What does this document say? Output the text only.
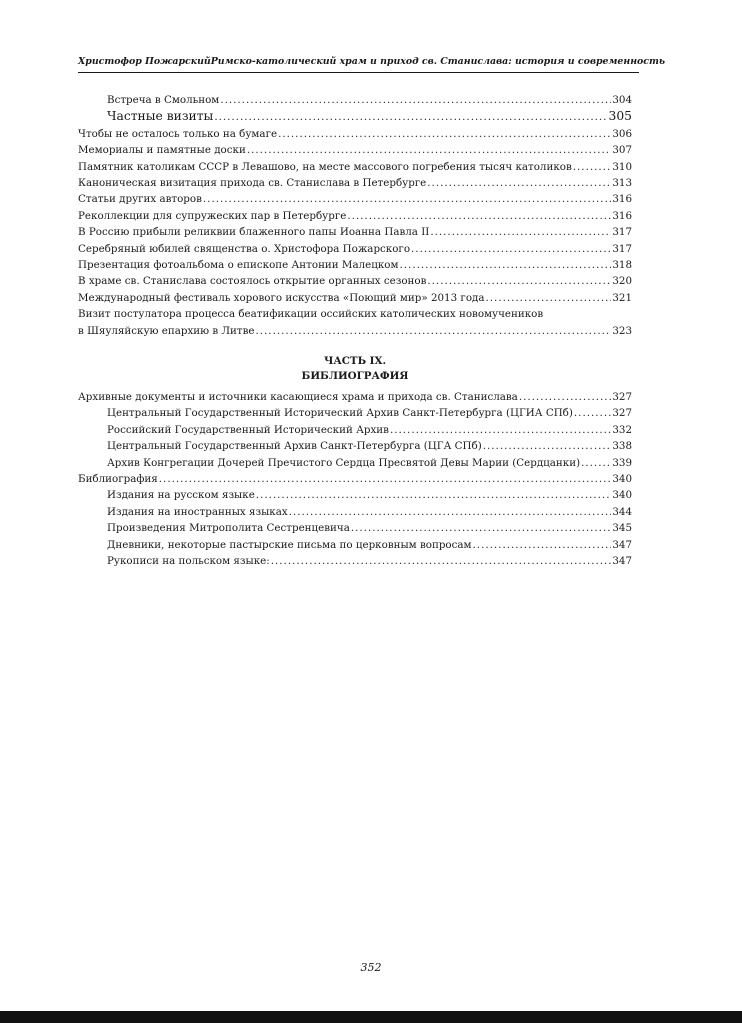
Христофор Пожарский Римско-католический храм и приход св. Станислава: история и современность
Встреча в Смольном .....	304
Частные визиты .....	305
Чтобы не осталось только на бумаге .....	306
Мемориалы и памятные доски .....	307
Памятник католикам СССР в Левашово, на месте массового погребения тысяч католиков .....	310
Каноническая визитация прихода св. Станислава в Петербурге .....	313
Статьи других авторов .....	316
Реколлекции для супружеских пар в Петербурге .....	316
В Россию прибыли реликвии блаженного папы Иоанна Павла II .....	317
Серебряный юбилей священства о. Христофора Пожарского .....	317
Презентация фотоальбома о епископе Антонии Малецком .....	318
В храме св. Станислава состоялось открытие органных сезонов .....	320
Международный фестиваль хорового искусства «Поющий мир» 2013 года .....	321
Визит постулатора процесса беатификации оссийских католических новомучеников
в Шяуляйскую епархию в Литве .....	323
ЧАСТЬ IX.
БИБЛИОГРАФИЯ
Архивные документы и источники касающиеся храма и прихода св. Станислава .....	327
Центральный Государственный Исторический Архив Санкт-Петербурга (ЦГИА СПб) .....	327
Российский Государственный Исторический Архив .....	332
Центральный Государственный Архив Санкт-Петербурга (ЦГА СПб) .....	338
Архив Конгрегации Дочерей Пречистого Сердца Пресвятой Девы Марии (Сердцанки) .....	339
Библиография .....	340
Издания на русском языке .....	340
Издания на иностранных языках .....	344
Произведения Митрополита Сестренцевича .....	345
Дневники, некоторые пастырские письма по церковным вопросам .....	347
Рукописи на польском языке: .....	347
352
